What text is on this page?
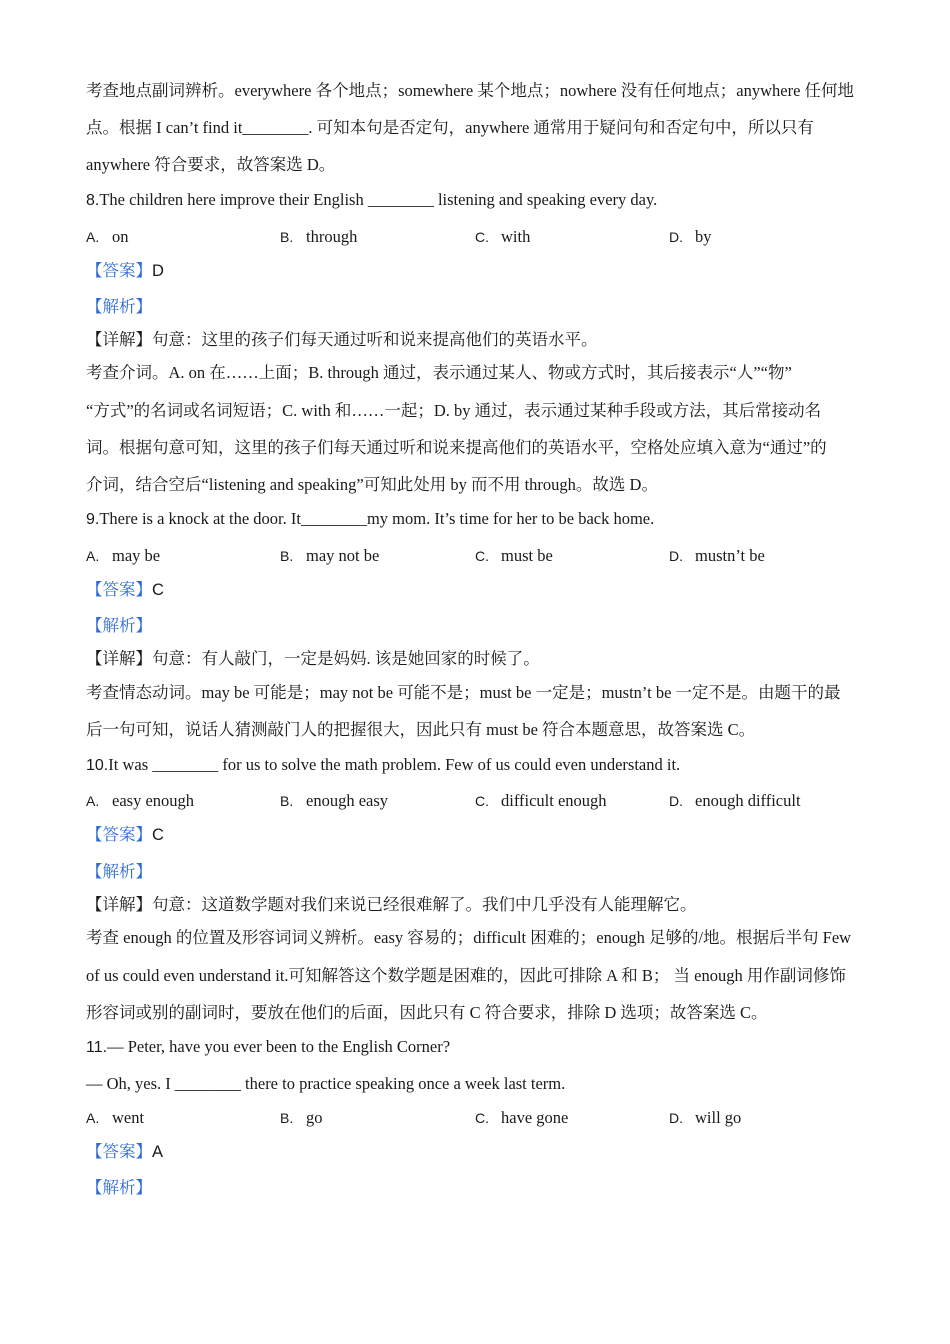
考查地点副词辨析。everywhere 各个地点；somewhere 某个地点；nowhere 没有任何地点；anywhere 任何地
点。根据 I can’t find it________. 可知本句是否定句，anywhere 通常用于疑问句和否定句中，所以只有
anywhere 符合要求，故答案选 D。
8.The children here improve their English ________ listening and speaking every day.
A. on	B. through	C. with	D. by
【答案】D
【解析】
【详解】句意：这里的孩子们每天通过听和说来提高他们的英语水平。
考查介词。A. on 在……上面；B. through 通过，表示通过某人、物或方式时，其后接表示“人”“物”
“方式”的名词或名词短语；C. with 和……一起；D. by 通过，表示通过某种手段或方法，其后常接动名
词。根据句意可知，这里的孩子们每天通过听和说来提高他们的英语水平，空格处应填入意为“通过”的
介词，结合空后“listening and speaking”可知此处用 by 而不用 through。故选 D。
9.There is a knock at the door. It________my mom. It’s time for her to be back home.
A. may be	B. may not be	C. must be	D. mustn’t be
【答案】C
【解析】
【详解】句意：有人敲门，一定是妈妈. 该是她回家的时候了。
考查情态动词。may be 可能是；may not be 可能不是；must be 一定是；mustn’t be 一定不是。由题干的最
后一句可知，说话人猜测敲门人的把握很大，因此只有 must be 符合本题意思，故答案选 C。
10.It was ________ for us to solve the math problem. Few of us could even understand it.
A. easy enough	B. enough easy	C. difficult enough	D. enough difficult
【答案】C
【解析】
【详解】句意：这道数学题对我们来说已经很难解了。我们中几乎没有人能理解它。
考查 enough 的位置及形容词词义辨析。easy 容易的；difficult 困难的；enough 足够的/地。根据后半句 Few
of us could even understand it.可知解答这个数学题是困难的，因此可排除 A 和 B； 当 enough 用作副词修饰
形容词或别的副词时，要放在他们的后面，因此只有 C 符合要求，排除 D 选项；故答案选 C。
11.— Peter, have you ever been to the English Corner?
— Oh, yes. I ________ there to practice speaking once a week last term.
A. went	B. go	C. have gone	D. will go
【答案】A
【解析】
